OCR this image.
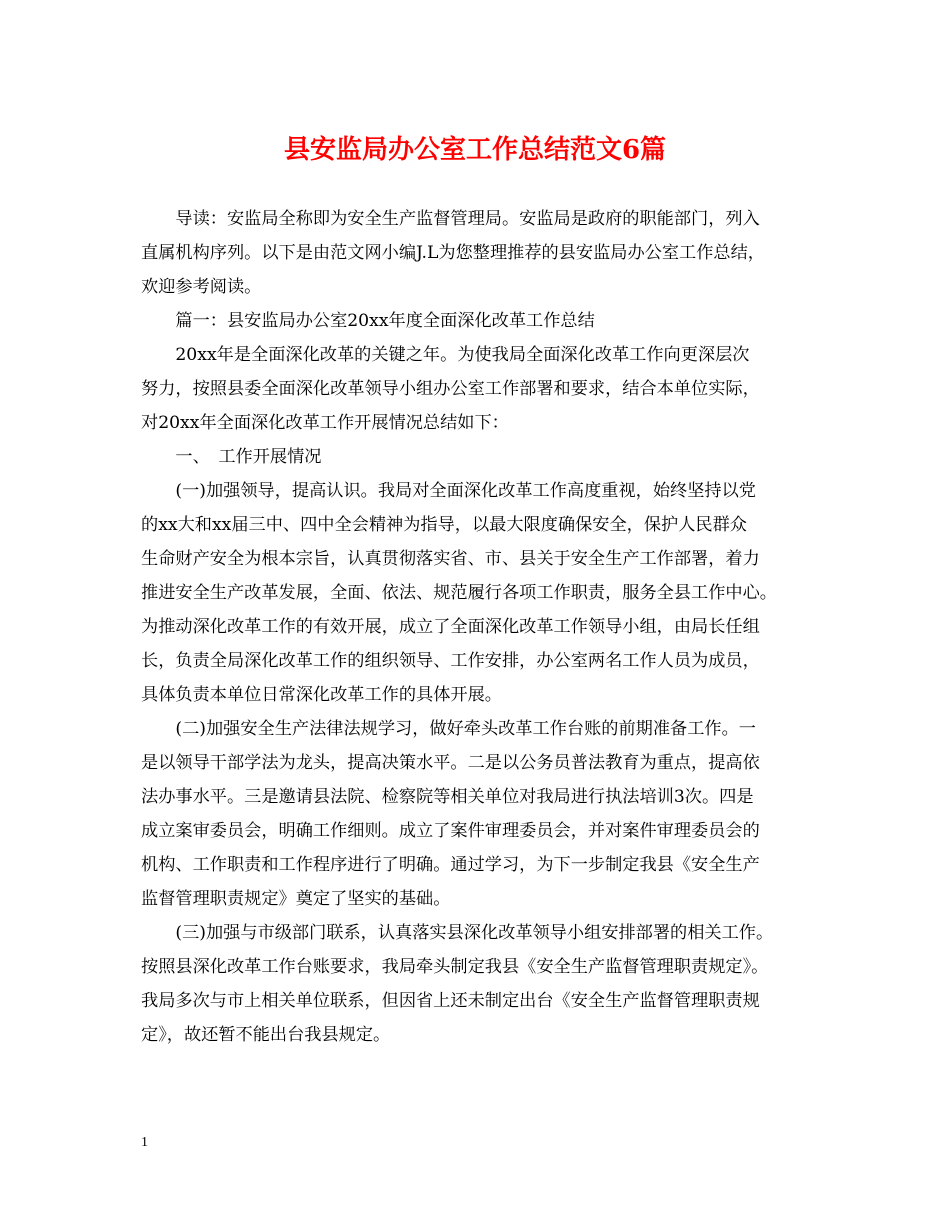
县安监局办公室工作总结范文6篇
　　导读：安监局全称即为安全生产监督管理局。安监局是政府的职能部门，列入
直属机构序列。以下是由范文网小编J.L为您整理推荐的县安监局办公室工作总结，
欢迎参考阅读。
　　篇一：县安监局办公室20xx年度全面深化改革工作总结
　　20xx年是全面深化改革的关键之年。为使我局全面深化改革工作向更深层次
努力，按照县委全面深化改革领导小组办公室工作部署和要求，结合本单位实际，
对20xx年全面深化改革工作开展情况总结如下：
　　一、　工作开展情况
　　(一)加强领导，提高认识。我局对全面深化改革工作高度重视，始终坚持以党
的xx大和xx届三中、四中全会精神为指导，以最大限度确保安全，保护人民群众
生命财产安全为根本宗旨，认真贯彻落实省、市、县关于安全生产工作部署，着力
推进安全生产改革发展，全面、依法、规范履行各项工作职责，服务全县工作中心。
为推动深化改革工作的有效开展，成立了全面深化改革工作领导小组，由局长任组
长，负责全局深化改革工作的组织领导、工作安排，办公室两名工作人员为成员，
具体负责本单位日常深化改革工作的具体开展。
　　(二)加强安全生产法律法规学习，做好牵头改革工作台账的前期准备工作。一
是以领导干部学法为龙头，提高决策水平。二是以公务员普法教育为重点，提高依
法办事水平。三是邀请县法院、检察院等相关单位对我局进行执法培训3次。四是
成立案审委员会，明确工作细则。成立了案件审理委员会，并对案件审理委员会的
机构、工作职责和工作程序进行了明确。通过学习，为下一步制定我县《安全生产
监督管理职责规定》奠定了坚实的基础。
　　(三)加强与市级部门联系，认真落实县深化改革领导小组安排部署的相关工作。
按照县深化改革工作台账要求，我局牵头制定我县《安全生产监督管理职责规定》。
我局多次与市上相关单位联系，但因省上还未制定出台《安全生产监督管理职责规
定》，故还暂不能出台我县规定。
1
